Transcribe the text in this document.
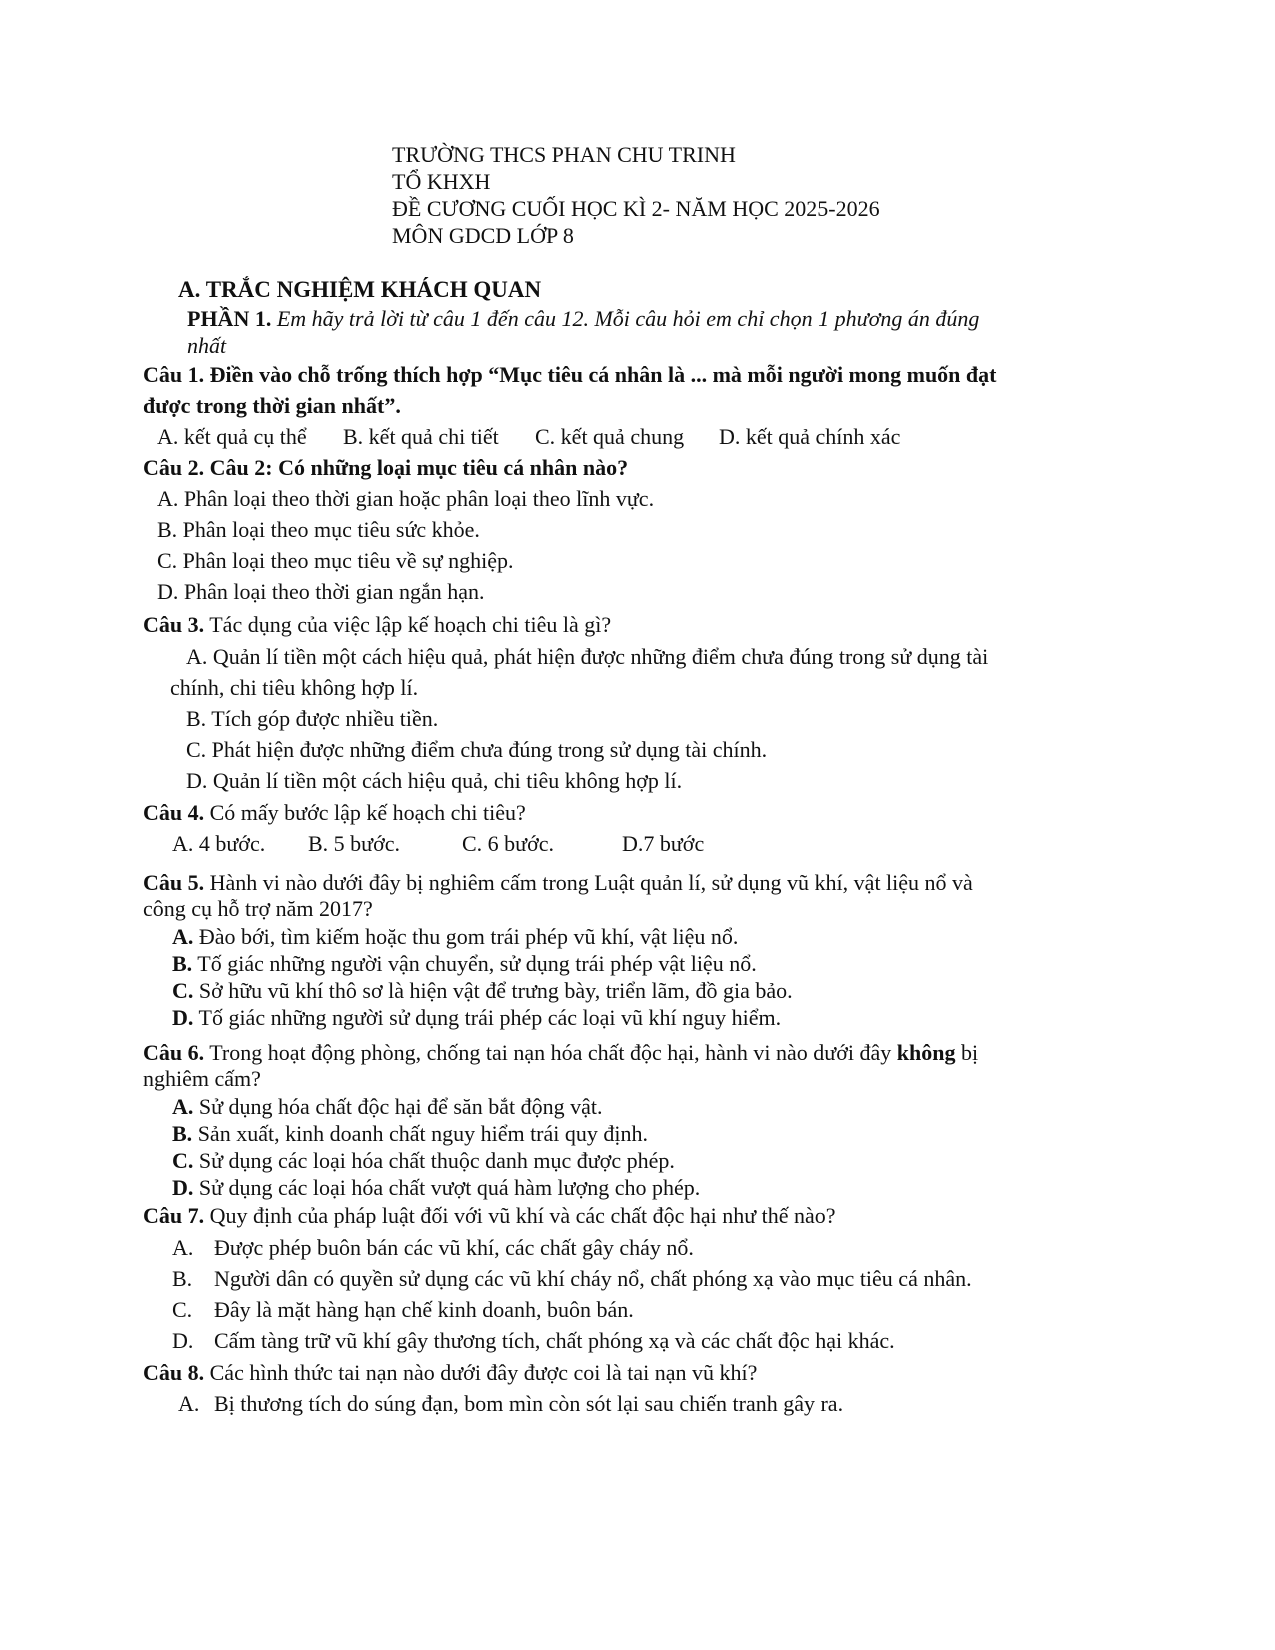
TRƯỜNG THCS PHAN CHU TRINH
TỔ KHXH
ĐỀ CƯƠNG CUỐI HỌC KÌ 2- NĂM HỌC 2025-2026
MÔN GDCD LỚP 8
A. TRẮC NGHIỆM KHÁCH QUAN
PHẦN 1. Em hãy trả lời từ câu 1 đến câu 12. Mỗi câu hỏi em chỉ chọn 1 phương án đúng
nhất
Câu 1. Điền vào chỗ trống thích hợp “Mục tiêu cá nhân là ... mà mỗi người mong muốn đạt
được trong thời gian nhất”.
A. kết quả cụ thể B. kết quả chi tiết C. kết quả chung D. kết quả chính xác
Câu 2. Câu 2: Có những loại mục tiêu cá nhân nào?
A. Phân loại theo thời gian hoặc phân loại theo lĩnh vực.
B. Phân loại theo mục tiêu sức khỏe.
C. Phân loại theo mục tiêu về sự nghiệp.
D. Phân loại theo thời gian ngắn hạn.
Câu 3. Tác dụng của việc lập kế hoạch chi tiêu là gì?
A. Quản lí tiền một cách hiệu quả, phát hiện được những điểm chưa đúng trong sử dụng tài
chính, chi tiêu không hợp lí.
B. Tích góp được nhiều tiền.
C. Phát hiện được những điểm chưa đúng trong sử dụng tài chính.
D. Quản lí tiền một cách hiệu quả, chi tiêu không hợp lí.
Câu 4. Có mấy bước lập kế hoạch chi tiêu?
A. 4 bước. B. 5 bước.	C. 6 bước.	D.7 bước
Câu 5. Hành vi nào dưới đây bị nghiêm cấm trong Luật quản lí, sử dụng vũ khí, vật liệu nổ và
công cụ hỗ trợ năm 2017?
A. Đào bới, tìm kiếm hoặc thu gom trái phép vũ khí, vật liệu nổ.
B. Tố giác những người vận chuyển, sử dụng trái phép vật liệu nổ.
C. Sở hữu vũ khí thô sơ là hiện vật để trưng bày, triển lãm, đồ gia bảo.
D. Tố giác những người sử dụng trái phép các loại vũ khí nguy hiểm.
Câu 6. Trong hoạt động phòng, chống tai nạn hóa chất độc hại, hành vi nào dưới đây không bị
nghiêm cấm?
A. Sử dụng hóa chất độc hại để săn bắt động vật.
B. Sản xuất, kinh doanh chất nguy hiểm trái quy định.
C. Sử dụng các loại hóa chất thuộc danh mục được phép.
D. Sử dụng các loại hóa chất vượt quá hàm lượng cho phép.
Câu 7. Quy định của pháp luật đối với vũ khí và các chất độc hại như thế nào?
A. Được phép buôn bán các vũ khí, các chất gây cháy nổ.
B. Người dân có quyền sử dụng các vũ khí cháy nổ, chất phóng xạ vào mục tiêu cá nhân.
C. Đây là mặt hàng hạn chế kinh doanh, buôn bán.
D. Cấm tàng trữ vũ khí gây thương tích, chất phóng xạ và các chất độc hại khác.
Câu 8. Các hình thức tai nạn nào dưới đây được coi là tai nạn vũ khí?
A. Bị thương tích do súng đạn, bom mìn còn sót lại sau chiến tranh gây ra.
